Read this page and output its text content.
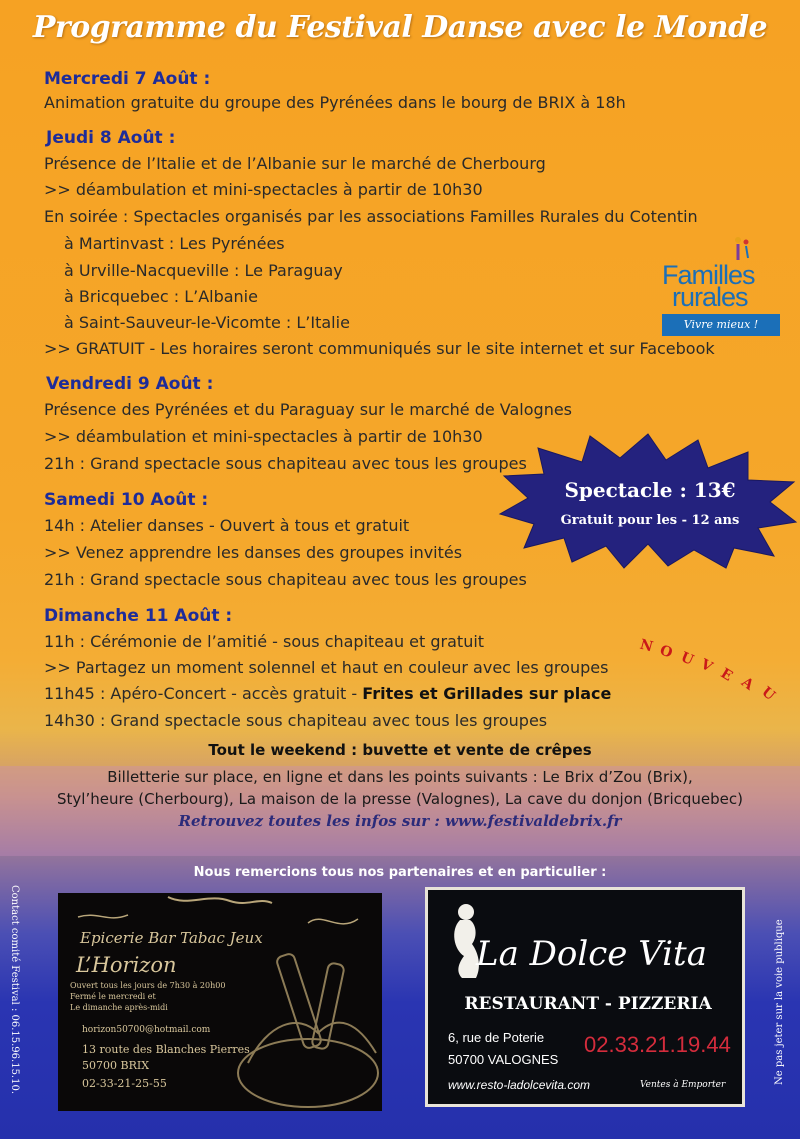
Programme du Festival Danse avec le Monde
Mercredi 7 Août :
Animation gratuite du groupe des Pyrénées dans le bourg de BRIX à 18h
Jeudi 8 Août :
Présence de l’Italie et de l’Albanie sur le marché de Cherbourg
>> déambulation et mini-spectacles à partir de 10h30
En soirée : Spectacles organisés par les associations Familles Rurales du Cotentin
à Martinvast : Les Pyrénées
à Urville-Nacqueville : Le Paraguay
à Bricquebec : L’Albanie
à Saint-Sauveur-le-Vicomte : L’Italie
>> GRATUIT - Les horaires seront communiqués sur le site internet et sur Facebook
Familles
rurales
Vivre mieux !
Vendredi 9 Août :
Présence des Pyrénées et du Paraguay sur le marché de Valognes
>> déambulation et mini-spectacles à partir de 10h30
21h : Grand spectacle sous chapiteau avec tous les groupes
Spectacle : 13€
Gratuit pour les - 12 ans
Samedi 10 Août :
14h : Atelier danses - Ouvert à tous et gratuit
>> Venez apprendre les danses des groupes invités
21h : Grand spectacle sous chapiteau avec tous les groupes
Dimanche 11 Août :
11h : Cérémonie de l’amitié - sous chapiteau et gratuit
>> Partagez un moment solennel et haut en couleur avec les groupes
11h45 : Apéro-Concert - accès gratuit - Frites et Grillades sur place
14h30 : Grand spectacle sous chapiteau avec tous les groupes
N O U V E A U
Tout le weekend : buvette et vente de crêpes
Billetterie sur place, en ligne et dans les points suivants : Le Brix d’Zou (Brix),
Styl’heure (Cherbourg), La maison de la presse (Valognes), La cave du donjon (Bricquebec)
Retrouvez toutes les infos sur : www.festivaldebrix.fr
Nous remercions tous nos partenaires et en particulier :
Contact comité Festival : 06.15.96.15.10.	Ne pas jeter sur la voie publique
Epicerie Bar Tabac Jeux
L’Horizon
Ouvert tous les jours de 7h30 à 20h00
Fermé le mercredi et
Le dimanche après-midi
horizon50700@hotmail.com
13 route des Blanches Pierres
50700 BRIX
02-33-21-25-55
La Dolce Vita
RESTAURANT - PIZZERIA
6, rue de Poterie
50700 VALOGNES
02.33.21.19.44
www.resto-ladolcevita.com	Ventes à Emporter
